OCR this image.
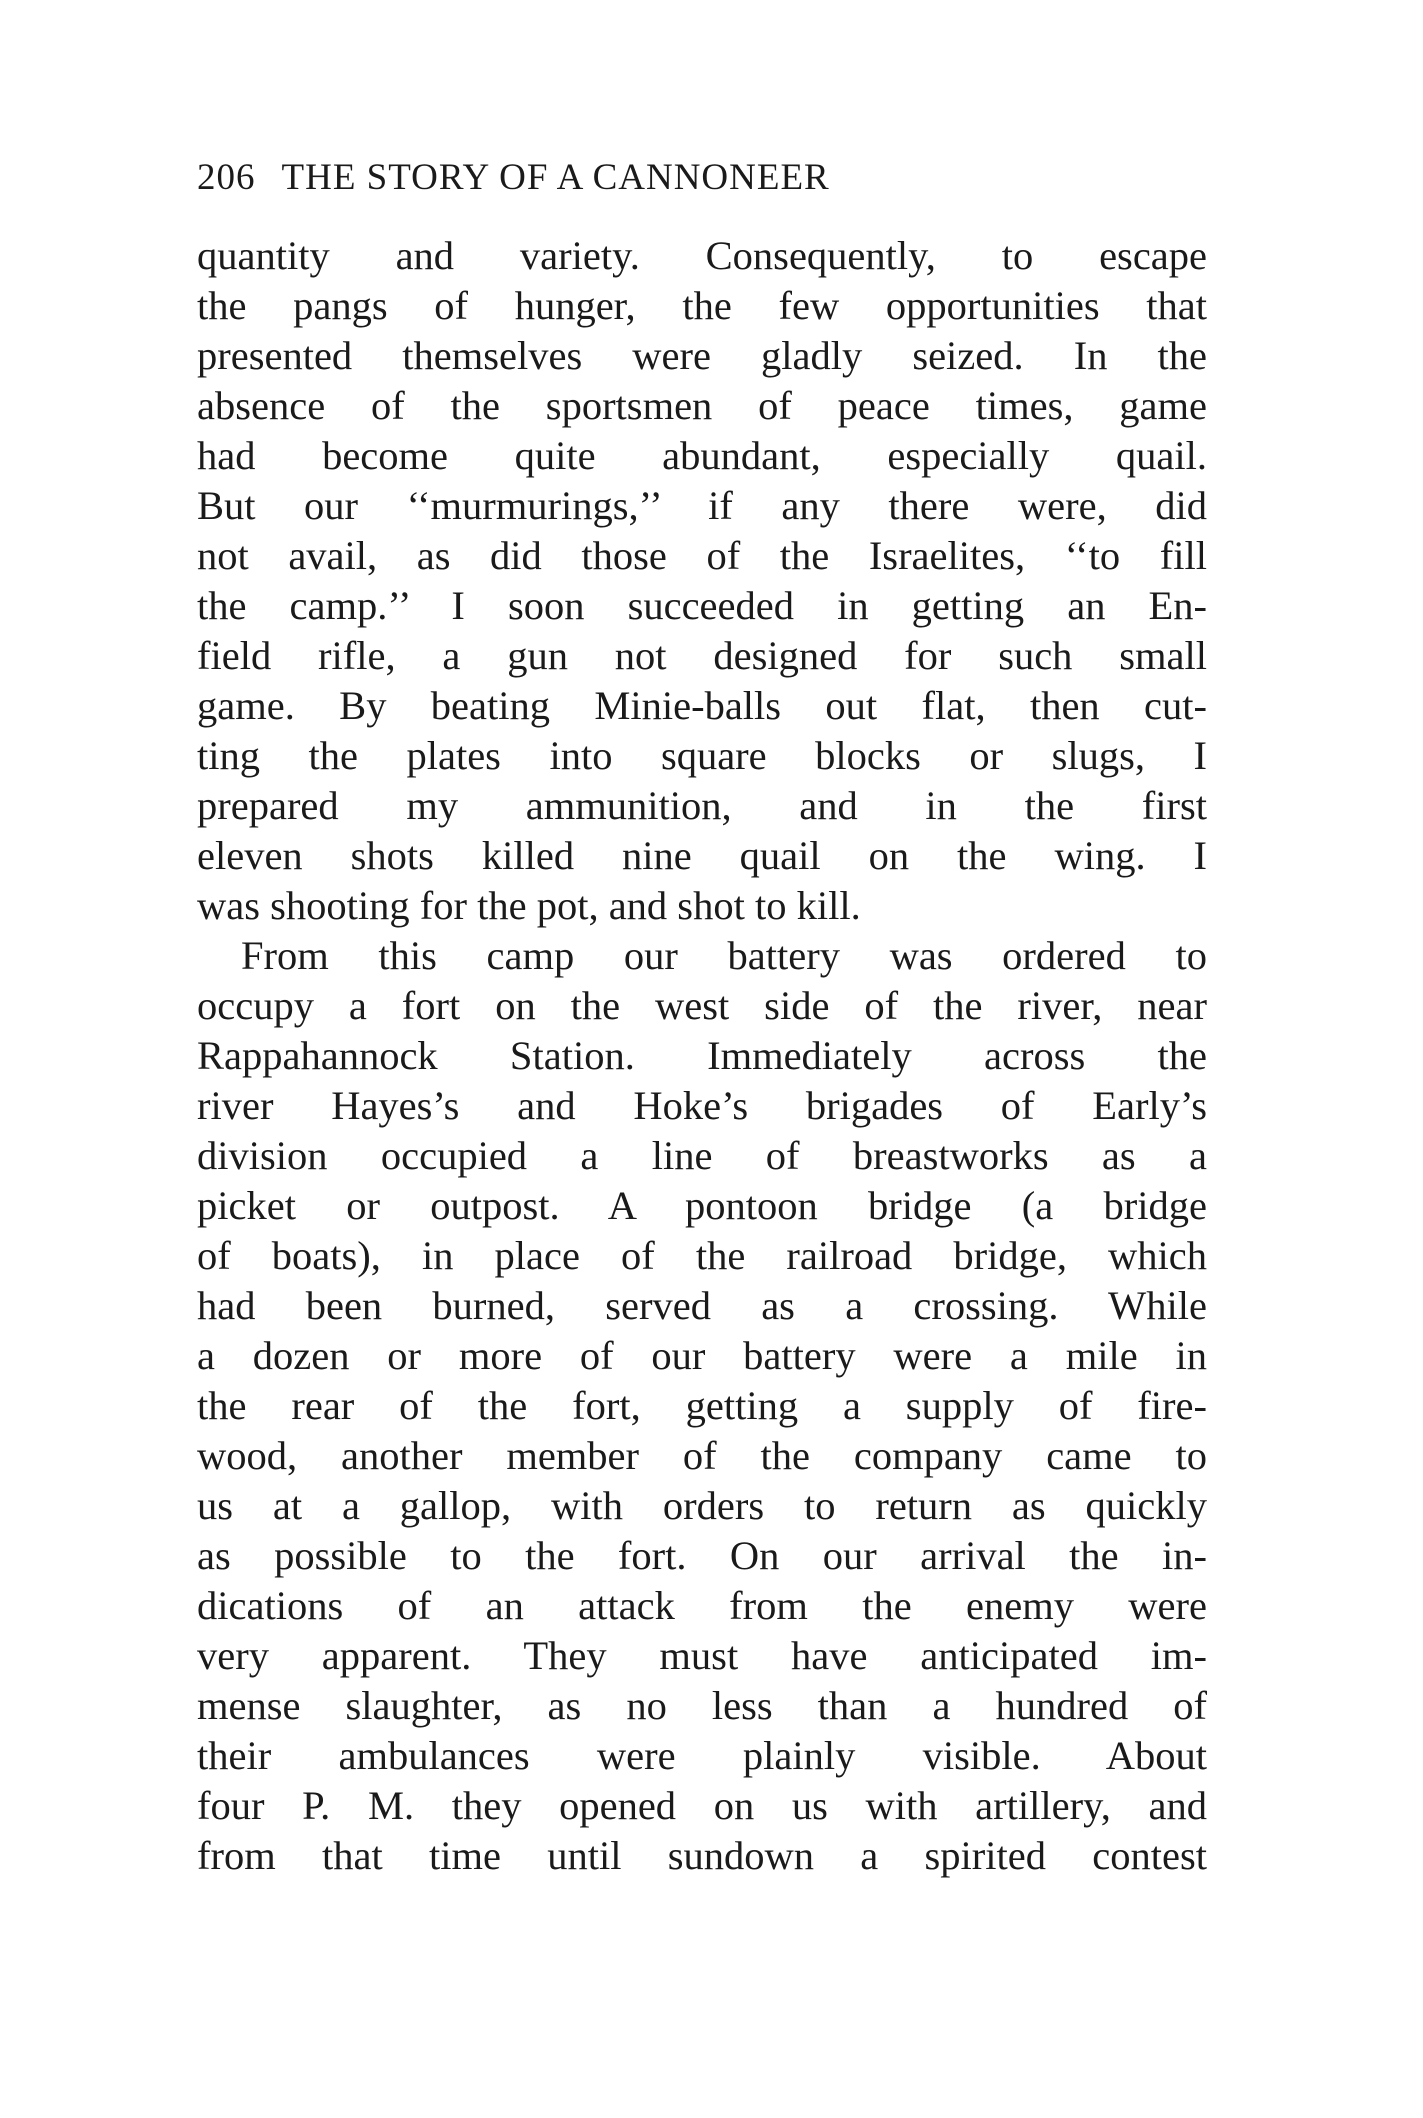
206 THE STORY OF A CANNONEER
quantity and variety. Consequently, to escape
the pangs of hunger, the few opportunities that
presented themselves were gladly seized. In the
absence of the sportsmen of peace times, game
had become quite abundant, especially quail.
But our ‘‘murmurings,’’ if any there were, did
not avail, as did those of the Israelites, ‘‘to fill
the camp.’’ I soon succeeded in getting an En-
field rifle, a gun not designed for such small
game. By beating Minie-balls out flat, then cut-
ting the plates into square blocks or slugs, I
prepared my ammunition, and in the first
eleven shots killed nine quail on the wing. I
was shooting for the pot, and shot to kill.
From this camp our battery was ordered to
occupy a fort on the west side of the river, near
Rappahannock Station. Immediately across the
river Hayes’s and Hoke’s brigades of Early’s
division occupied a line of breastworks as a
picket or outpost. A pontoon bridge (a bridge
of boats), in place of the railroad bridge, which
had been burned, served as a crossing. While
a dozen or more of our battery were a mile in
the rear of the fort, getting a supply of fire-
wood, another member of the company came to
us at a gallop, with orders to return as quickly
as possible to the fort. On our arrival the in-
dications of an attack from the enemy were
very apparent. They must have anticipated im-
mense slaughter, as no less than a hundred of
their ambulances were plainly visible. About
four P. M. they opened on us with artillery, and
from that time until sundown a spirited contest
